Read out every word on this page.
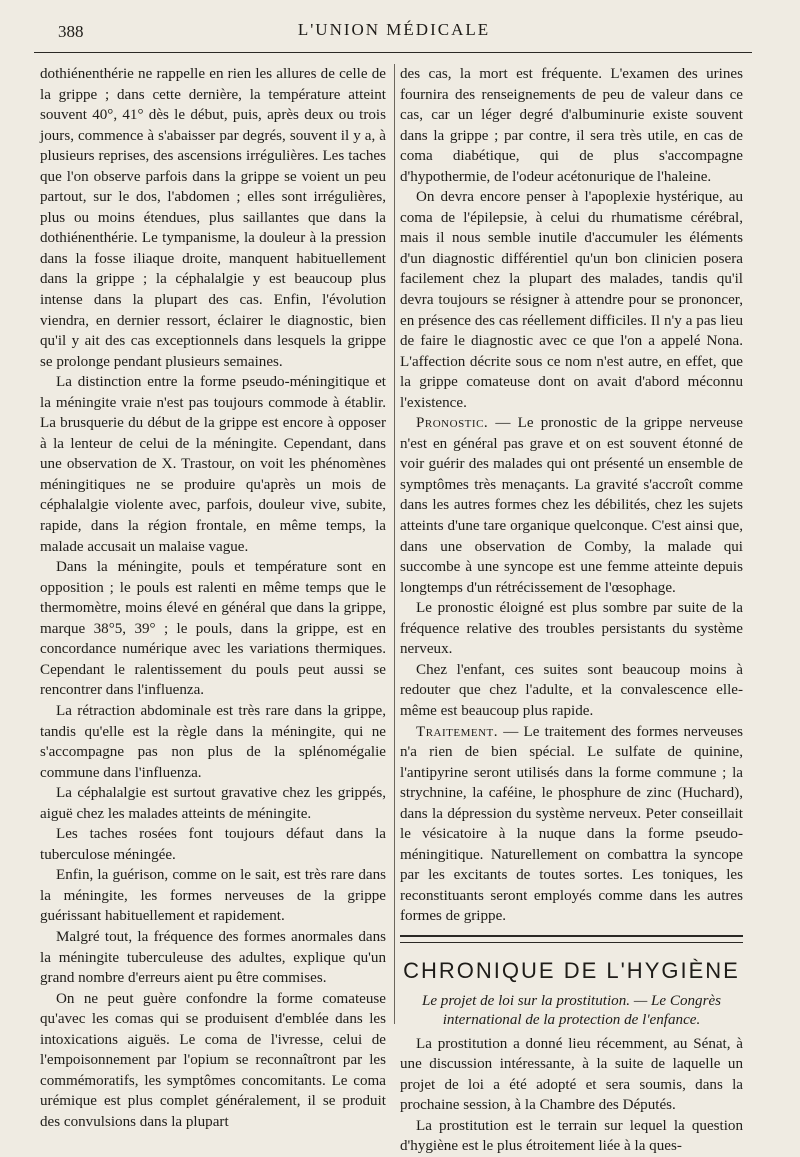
388	L'UNION MÉDICALE

dothiénenthérie ne rappelle en rien les allures de celle de la grippe ; dans cette dernière, la température atteint souvent 40°, 41° dès le début, puis, après deux ou trois jours, commence à s'abaisser par degrés, souvent il y a, à plusieurs reprises, des ascensions irrégulières. Les taches que l'on observe parfois dans la grippe se voient un peu partout, sur le dos, l'abdomen ; elles sont irrégulières, plus ou moins étendues, plus saillantes que dans la dothiénenthérie. Le tympanisme, la douleur à la pression dans la fosse iliaque droite, manquent habituellement dans la grippe ; la céphalalgie y est beaucoup plus intense dans la plupart des cas. Enfin, l'évolution viendra, en dernier ressort, éclairer le diagnostic, bien qu'il y ait des cas exceptionnels dans lesquels la grippe se prolonge pendant plusieurs semaines.

La distinction entre la forme pseudo-méningitique et la méningite vraie n'est pas toujours commode à établir. La brusquerie du début de la grippe est encore à opposer à la lenteur de celui de la méningite. Cependant, dans une observation de X. Trastour, on voit les phénomènes méningitiques ne se produire qu'après un mois de céphalalgie violente avec, parfois, douleur vive, subite, rapide, dans la région frontale, en même temps, la malade accusait un malaise vague.

Dans la méningite, pouls et température sont en opposition ; le pouls est ralenti en même temps que le thermomètre, moins élevé en général que dans la grippe, marque 38°5, 39° ; le pouls, dans la grippe, est en concordance numérique avec les variations thermiques. Cependant le ralentissement du pouls peut aussi se rencontrer dans l'influenza.

La rétraction abdominale est très rare dans la grippe, tandis qu'elle est la règle dans la méningite, qui ne s'accompagne pas non plus de la splénomégalie commune dans l'influenza.

La céphalalgie est surtout gravative chez les grippés, aiguë chez les malades atteints de méningite.

Les taches rosées font toujours défaut dans la tuberculose méningée.

Enfin, la guérison, comme on le sait, est très rare dans la méningite, les formes nerveuses de la grippe guérissant habituellement et rapidement.

Malgré tout, la fréquence des formes anormales dans la méningite tuberculeuse des adultes, explique qu'un grand nombre d'erreurs aient pu être commises.

On ne peut guère confondre la forme comateuse qu'avec les comas qui se produisent d'emblée dans les intoxications aiguës. Le coma de l'ivresse, celui de l'empoisonnement par l'opium se reconnaîtront par les commémoratifs, les symptômes concomitants. Le coma urémique est plus complet généralement, il se produit des convulsions dans la plupart

des cas, la mort est fréquente. L'examen des urines fournira des renseignements de peu de valeur dans ce cas, car un léger degré d'albuminurie existe souvent dans la grippe ; par contre, il sera très utile, en cas de coma diabétique, qui de plus s'accompagne d'hypothermie, de l'odeur acétonurique de l'haleine.

On devra encore penser à l'apoplexie hystérique, au coma de l'épilepsie, à celui du rhumatisme cérébral, mais il nous semble inutile d'accumuler les éléments d'un diagnostic différentiel qu'un bon clinicien posera facilement chez la plupart des malades, tandis qu'il devra toujours se résigner à attendre pour se prononcer, en présence des cas réellement difficiles. Il n'y a pas lieu de faire le diagnostic avec ce que l'on a appelé Nona. L'affection décrite sous ce nom n'est autre, en effet, que la grippe comateuse dont on avait d'abord méconnu l'existence.

Pronostic. — Le pronostic de la grippe nerveuse n'est en général pas grave et on est souvent étonné de voir guérir des malades qui ont présenté un ensemble de symptômes très menaçants. La gravité s'accroît comme dans les autres formes chez les débilités, chez les sujets atteints d'une tare organique quelconque. C'est ainsi que, dans une observation de Comby, la malade qui succombe à une syncope est une femme atteinte depuis longtemps d'un rétrécissement de l'œsophage.

Le pronostic éloigné est plus sombre par suite de la fréquence relative des troubles persistants du système nerveux.

Chez l'enfant, ces suites sont beaucoup moins à redouter que chez l'adulte, et la convalescence elle-même est beaucoup plus rapide.

Traitement. — Le traitement des formes nerveuses n'a rien de bien spécial. Le sulfate de quinine, l'antipyrine seront utilisés dans la forme commune ; la strychnine, la caféine, le phosphure de zinc (Huchard), dans la dépression du système nerveux. Peter conseillait le vésicatoire à la nuque dans la forme pseudo-méningitique. Naturellement on combattra la syncope par les excitants de toutes sortes. Les toniques, les reconstituants seront employés comme dans les autres formes de grippe.

CHRONIQUE DE L'HYGIÈNE

Le projet de loi sur la prostitution. — Le Congrès international de la protection de l'enfance.

La prostitution a donné lieu récemment, au Sénat, à une discussion intéressante, à la suite de laquelle un projet de loi a été adopté et sera soumis, dans la prochaine session, à la Chambre des Députés.

La prostitution est le terrain sur lequel la question d'hygiène est le plus étroitement liée à la ques-
